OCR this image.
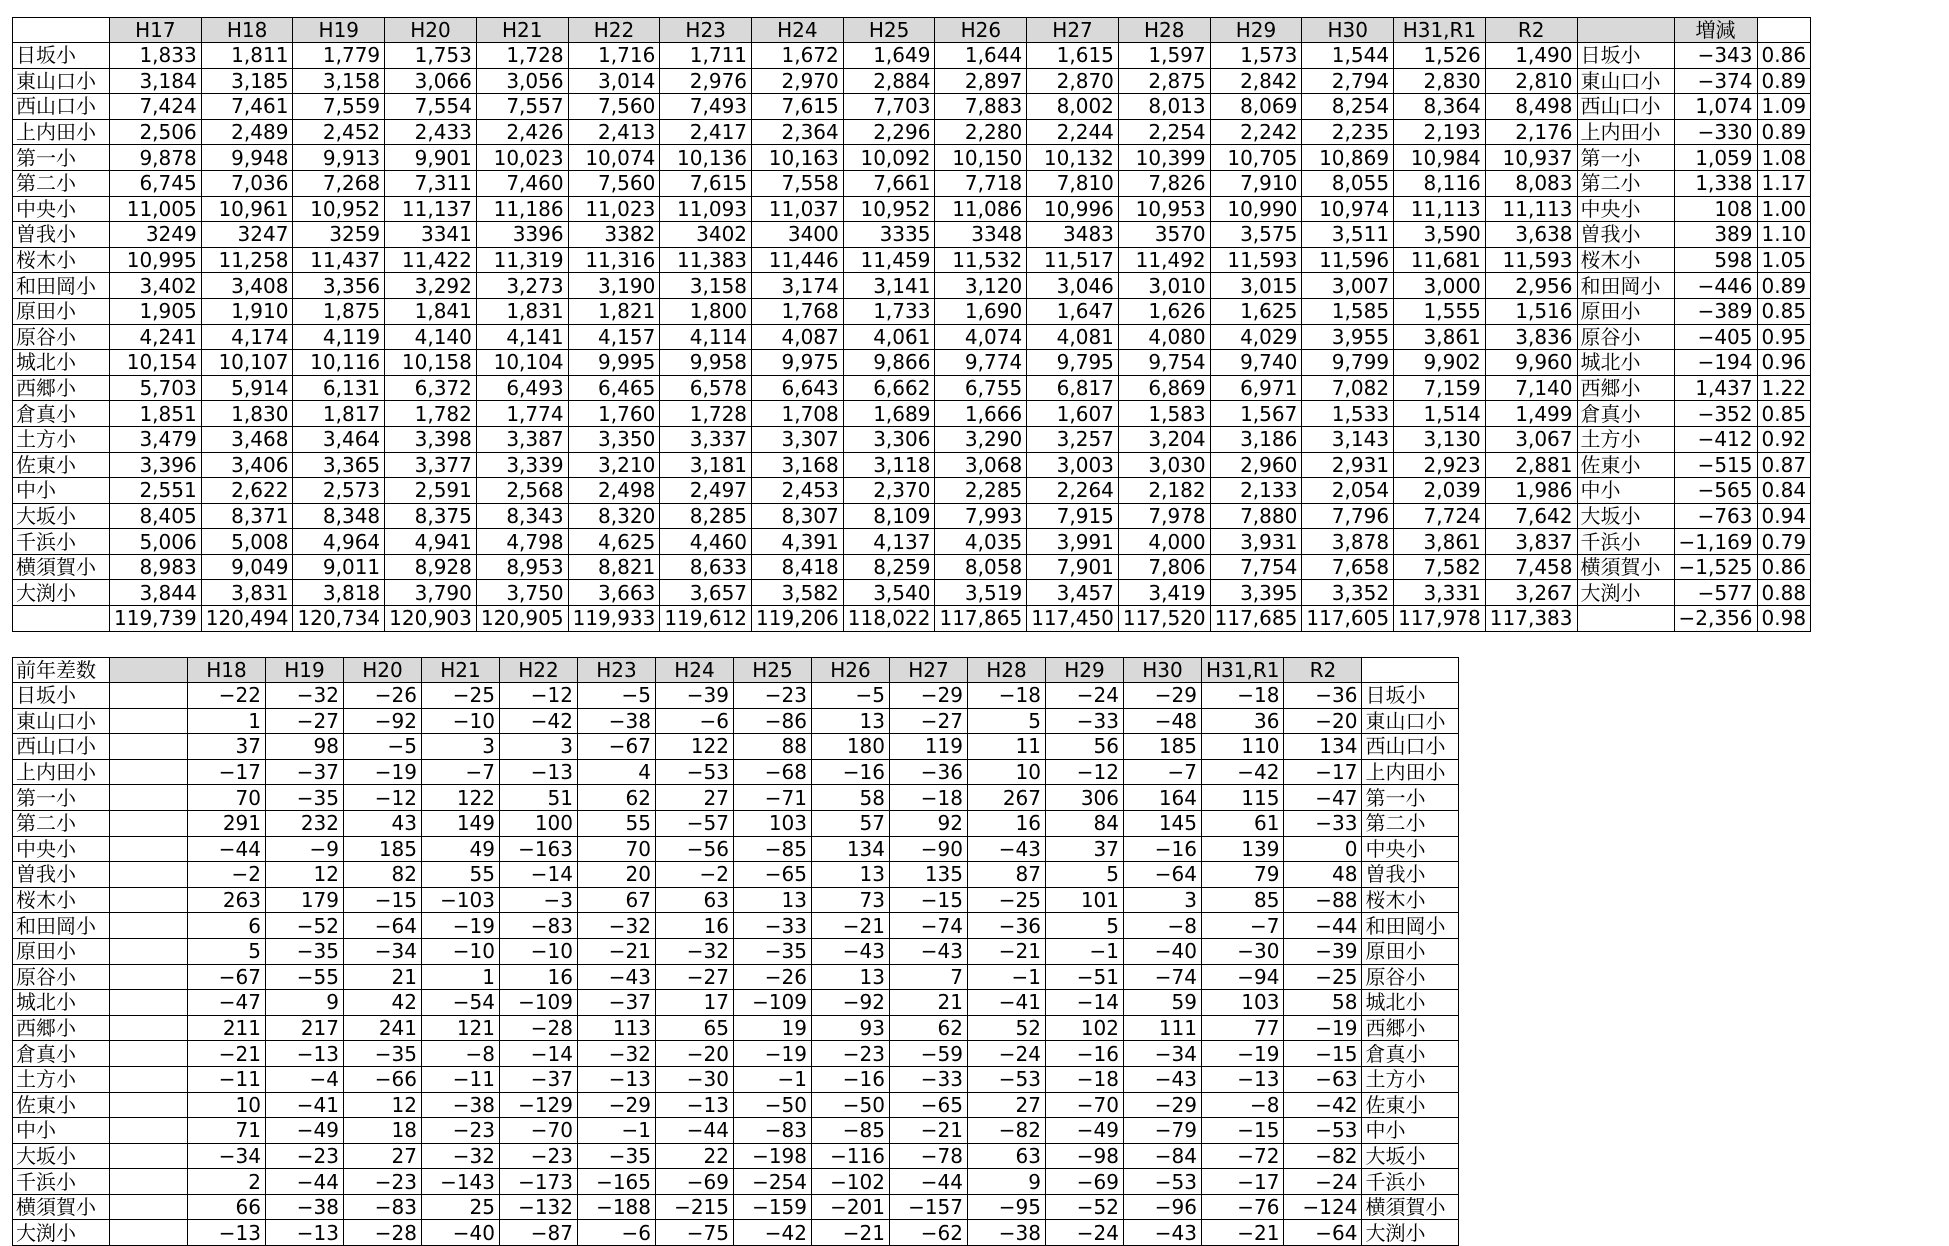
	H17	H18	H19	H20	H21	H22	H23	H24	H25	H26	H27	H28	H29	H30	H31,R1	R2		増減	
日坂小	1,833	1,811	1,779	1,753	1,728	1,716	1,711	1,672	1,649	1,644	1,615	1,597	1,573	1,544	1,526	1,490	日坂小	−343	0.86
東山口小	3,184	3,185	3,158	3,066	3,056	3,014	2,976	2,970	2,884	2,897	2,870	2,875	2,842	2,794	2,830	2,810	東山口小	−374	0.89
西山口小	7,424	7,461	7,559	7,554	7,557	7,560	7,493	7,615	7,703	7,883	8,002	8,013	8,069	8,254	8,364	8,498	西山口小	1,074	1.09
上内田小	2,506	2,489	2,452	2,433	2,426	2,413	2,417	2,364	2,296	2,280	2,244	2,254	2,242	2,235	2,193	2,176	上内田小	−330	0.89
第一小	9,878	9,948	9,913	9,901	10,023	10,074	10,136	10,163	10,092	10,150	10,132	10,399	10,705	10,869	10,984	10,937	第一小	1,059	1.08
第二小	6,745	7,036	7,268	7,311	7,460	7,560	7,615	7,558	7,661	7,718	7,810	7,826	7,910	8,055	8,116	8,083	第二小	1,338	1.17
中央小	11,005	10,961	10,952	11,137	11,186	11,023	11,093	11,037	10,952	11,086	10,996	10,953	10,990	10,974	11,113	11,113	中央小	108	1.00
曽我小	3249	3247	3259	3341	3396	3382	3402	3400	3335	3348	3483	3570	3,575	3,511	3,590	3,638	曽我小	389	1.10
桜木小	10,995	11,258	11,437	11,422	11,319	11,316	11,383	11,446	11,459	11,532	11,517	11,492	11,593	11,596	11,681	11,593	桜木小	598	1.05
和田岡小	3,402	3,408	3,356	3,292	3,273	3,190	3,158	3,174	3,141	3,120	3,046	3,010	3,015	3,007	3,000	2,956	和田岡小	−446	0.89
原田小	1,905	1,910	1,875	1,841	1,831	1,821	1,800	1,768	1,733	1,690	1,647	1,626	1,625	1,585	1,555	1,516	原田小	−389	0.85
原谷小	4,241	4,174	4,119	4,140	4,141	4,157	4,114	4,087	4,061	4,074	4,081	4,080	4,029	3,955	3,861	3,836	原谷小	−405	0.95
城北小	10,154	10,107	10,116	10,158	10,104	9,995	9,958	9,975	9,866	9,774	9,795	9,754	9,740	9,799	9,902	9,960	城北小	−194	0.96
西郷小	5,703	5,914	6,131	6,372	6,493	6,465	6,578	6,643	6,662	6,755	6,817	6,869	6,971	7,082	7,159	7,140	西郷小	1,437	1.22
倉真小	1,851	1,830	1,817	1,782	1,774	1,760	1,728	1,708	1,689	1,666	1,607	1,583	1,567	1,533	1,514	1,499	倉真小	−352	0.85
土方小	3,479	3,468	3,464	3,398	3,387	3,350	3,337	3,307	3,306	3,290	3,257	3,204	3,186	3,143	3,130	3,067	土方小	−412	0.92
佐東小	3,396	3,406	3,365	3,377	3,339	3,210	3,181	3,168	3,118	3,068	3,003	3,030	2,960	2,931	2,923	2,881	佐東小	−515	0.87
中小	2,551	2,622	2,573	2,591	2,568	2,498	2,497	2,453	2,370	2,285	2,264	2,182	2,133	2,054	2,039	1,986	中小	−565	0.84
大坂小	8,405	8,371	8,348	8,375	8,343	8,320	8,285	8,307	8,109	7,993	7,915	7,978	7,880	7,796	7,724	7,642	大坂小	−763	0.94
千浜小	5,006	5,008	4,964	4,941	4,798	4,625	4,460	4,391	4,137	4,035	3,991	4,000	3,931	3,878	3,861	3,837	千浜小	−1,169	0.79
横須賀小	8,983	9,049	9,011	8,928	8,953	8,821	8,633	8,418	8,259	8,058	7,901	7,806	7,754	7,658	7,582	7,458	横須賀小	−1,525	0.86
大渕小	3,844	3,831	3,818	3,790	3,750	3,663	3,657	3,582	3,540	3,519	3,457	3,419	3,395	3,352	3,331	3,267	大渕小	−577	0.88
	119,739	120,494	120,734	120,903	120,905	119,933	119,612	119,206	118,022	117,865	117,450	117,520	117,685	117,605	117,978	117,383		−2,356	0.98
前年差数		H18	H19	H20	H21	H22	H23	H24	H25	H26	H27	H28	H29	H30	H31,R1	R2	
日坂小		−22	−32	−26	−25	−12	−5	−39	−23	−5	−29	−18	−24	−29	−18	−36	日坂小
東山口小		1	−27	−92	−10	−42	−38	−6	−86	13	−27	5	−33	−48	36	−20	東山口小
西山口小		37	98	−5	3	3	−67	122	88	180	119	11	56	185	110	134	西山口小
上内田小		−17	−37	−19	−7	−13	4	−53	−68	−16	−36	10	−12	−7	−42	−17	上内田小
第一小		70	−35	−12	122	51	62	27	−71	58	−18	267	306	164	115	−47	第一小
第二小		291	232	43	149	100	55	−57	103	57	92	16	84	145	61	−33	第二小
中央小		−44	−9	185	49	−163	70	−56	−85	134	−90	−43	37	−16	139	0	中央小
曽我小		−2	12	82	55	−14	20	−2	−65	13	135	87	5	−64	79	48	曽我小
桜木小		263	179	−15	−103	−3	67	63	13	73	−15	−25	101	3	85	−88	桜木小
和田岡小		6	−52	−64	−19	−83	−32	16	−33	−21	−74	−36	5	−8	−7	−44	和田岡小
原田小		5	−35	−34	−10	−10	−21	−32	−35	−43	−43	−21	−1	−40	−30	−39	原田小
原谷小		−67	−55	21	1	16	−43	−27	−26	13	7	−1	−51	−74	−94	−25	原谷小
城北小		−47	9	42	−54	−109	−37	17	−109	−92	21	−41	−14	59	103	58	城北小
西郷小		211	217	241	121	−28	113	65	19	93	62	52	102	111	77	−19	西郷小
倉真小		−21	−13	−35	−8	−14	−32	−20	−19	−23	−59	−24	−16	−34	−19	−15	倉真小
土方小		−11	−4	−66	−11	−37	−13	−30	−1	−16	−33	−53	−18	−43	−13	−63	土方小
佐東小		10	−41	12	−38	−129	−29	−13	−50	−50	−65	27	−70	−29	−8	−42	佐東小
中小		71	−49	18	−23	−70	−1	−44	−83	−85	−21	−82	−49	−79	−15	−53	中小
大坂小		−34	−23	27	−32	−23	−35	22	−198	−116	−78	63	−98	−84	−72	−82	大坂小
千浜小		2	−44	−23	−143	−173	−165	−69	−254	−102	−44	9	−69	−53	−17	−24	千浜小
横須賀小		66	−38	−83	25	−132	−188	−215	−159	−201	−157	−95	−52	−96	−76	−124	横須賀小
大渕小		−13	−13	−28	−40	−87	−6	−75	−42	−21	−62	−38	−24	−43	−21	−64	大渕小
